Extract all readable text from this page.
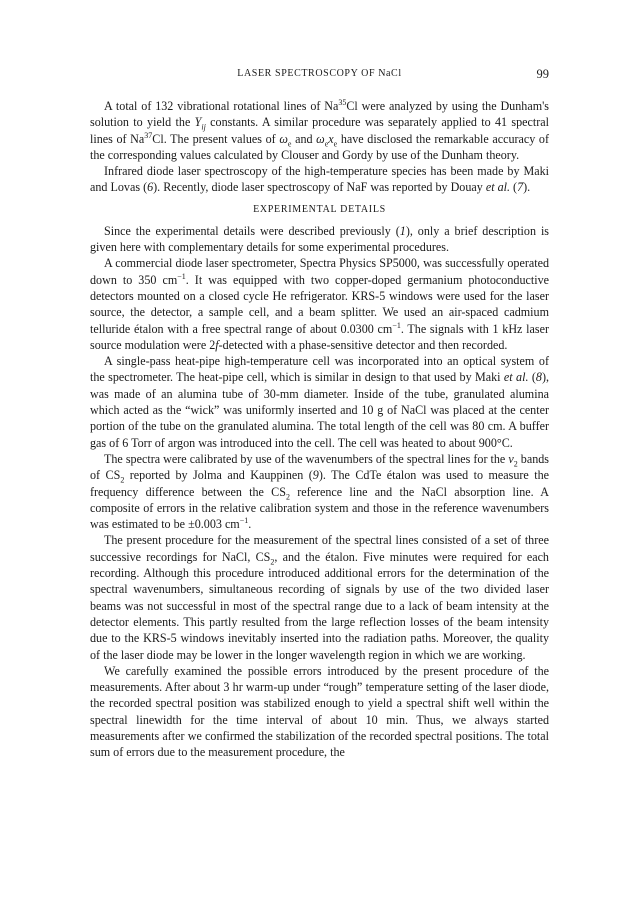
LASER SPECTROSCOPY OF NaCl	99

A total of 132 vibrational rotational lines of Na$^{35}$Cl were analyzed by using the Dunham's solution to yield the $Y_{ij}$ constants. A similar procedure was separately applied to 41 spectral lines of Na$^{37}$Cl. The present values of $\omega_e$ and $\omega_ex_e$ have disclosed the remarkable accuracy of the corresponding values calculated by Clouser and Gordy by use of the Dunham theory.

Infrared diode laser spectroscopy of the high-temperature species has been made by Maki and Lovas (6). Recently, diode laser spectroscopy of NaF was reported by Douay et al. (7).

EXPERIMENTAL DETAILS

Since the experimental details were described previously (1), only a brief description is given here with complementary details for some experimental procedures.

A commercial diode laser spectrometer, Spectra Physics SP5000, was successfully operated down to 350 $cm^{-1}$. It was equipped with two copper-doped germanium photoconductive detectors mounted on a closed cycle He refrigerator. KRS-5 windows were used for the laser source, the detector, a sample cell, and a beam splitter. We used an air-spaced cadmium telluride étalon with a free spectral range of about 0.0300 $cm^{-1}$. The signals with 1 kHz laser source modulation were 2f-detected with a phase-sensitive detector and then recorded.

A single-pass heat-pipe high-temperature cell was incorporated into an optical system of the spectrometer. The heat-pipe cell, which is similar in design to that used by Maki et al. (8), was made of an alumina tube of 30-mm diameter. Inside of the tube, granulated alumina which acted as the “wick” was uniformly inserted and 10 g of NaCl was placed at the center portion of the tube on the granulated alumina. The total length of the cell was 80 cm. A buffer gas of 6 Torr of argon was introduced into the cell. The cell was heated to about 900°C.

The spectra were calibrated by use of the wavenumbers of the spectral lines for the $\nu_2$ bands of $CS_2$ reported by Jolma and Kauppinen (9). The CdTe étalon was used to measure the frequency difference between the $CS_2$ reference line and the NaCl absorption line. A composite of errors in the relative calibration system and those in the reference wavenumbers was estimated to be ±0.003 $cm^{-1}$.

The present procedure for the measurement of the spectral lines consisted of a set of three successive recordings for NaCl, $CS_2$, and the étalon. Five minutes were required for each recording. Although this procedure introduced additional errors for the determination of the spectral wavenumbers, simultaneous recording of signals by use of the two divided laser beams was not successful in most of the spectral range due to a lack of beam intensity at the detector elements. This partly resulted from the large reflection losses of the beam intensity due to the KRS-5 windows inevitably inserted into the radiation paths. Moreover, the quality of the laser diode may be lower in the longer wavelength region in which we are working.

We carefully examined the possible errors introduced by the present procedure of the measurements. After about 3 hr warm-up under “rough” temperature setting of the laser diode, the recorded spectral position was stabilized enough to yield a spectral shift well within the spectral linewidth for the time interval of about 10 min. Thus, we always started measurements after we confirmed the stabilization of the recorded spectral positions. The total sum of errors due to the measurement procedure, the
